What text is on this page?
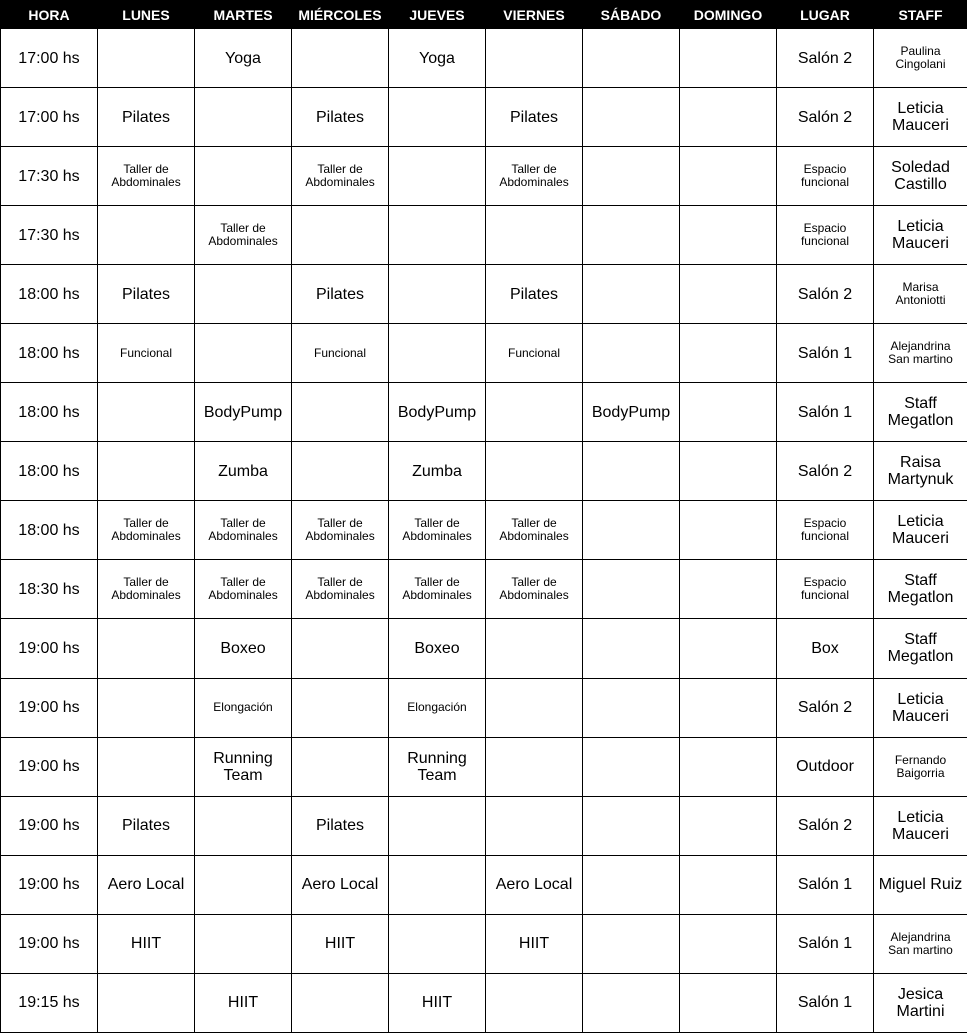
HORA	LUNES	MARTES	MIÉRCOLES	JUEVES	VIERNES	SÁBADO	DOMINGO	LUGAR	STAFF
17:00 hs		Yoga		Yoga				Salón 2	Paulina
Cingolani
17:00 hs	Pilates		Pilates		Pilates			Salón 2	Leticia
Mauceri
17:30 hs	Taller de
Abdominales		Taller de
Abdominales		Taller de
Abdominales			Espacio
funcional	Soledad
Castillo
17:30 hs		Taller de
Abdominales						Espacio
funcional	Leticia
Mauceri
18:00 hs	Pilates		Pilates		Pilates			Salón 2	Marisa
Antoniotti
18:00 hs	Funcional		Funcional		Funcional			Salón 1	Alejandrina
San martino
18:00 hs		BodyPump		BodyPump		BodyPump		Salón 1	Staff
Megatlon
18:00 hs		Zumba		Zumba				Salón 2	Raisa
Martynuk
18:00 hs	Taller de
Abdominales	Taller de
Abdominales	Taller de
Abdominales	Taller de
Abdominales	Taller de
Abdominales			Espacio
funcional	Leticia
Mauceri
18:30 hs	Taller de
Abdominales	Taller de
Abdominales	Taller de
Abdominales	Taller de
Abdominales	Taller de
Abdominales			Espacio
funcional	Staff
Megatlon
19:00 hs		Boxeo		Boxeo				Box	Staff
Megatlon
19:00 hs		Elongación		Elongación				Salón 2	Leticia
Mauceri
19:00 hs		Running
Team		Running
Team				Outdoor	Fernando
Baigorria
19:00 hs	Pilates		Pilates					Salón 2	Leticia
Mauceri
19:00 hs	Aero Local		Aero Local		Aero Local			Salón 1	Miguel Ruiz
19:00 hs	HIIT		HIIT		HIIT			Salón 1	Alejandrina
San martino
19:15 hs		HIIT		HIIT				Salón 1	Jesica
Martini
